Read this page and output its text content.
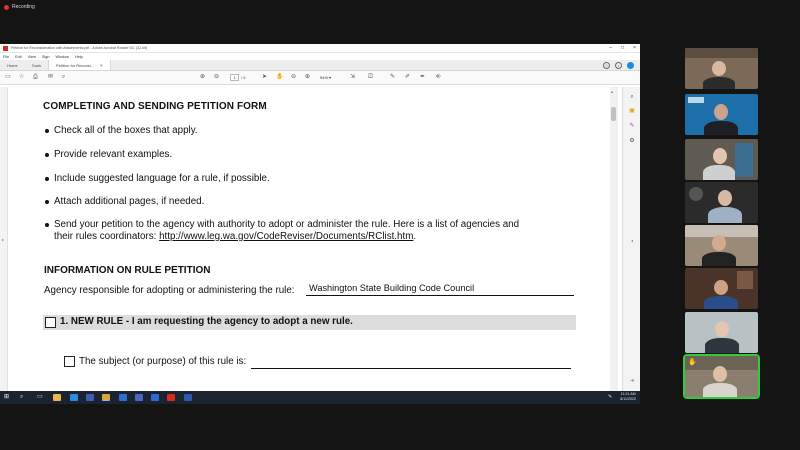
Recording
Petition for Reconsideration with Attachments.pdf - Adobe Acrobat Reader DC (32-bit)	– □ ×
File Edit View Sign Window Help
Home	Tools	Petition for Reconsi... ×	?	•
▭ ☆ ⎙ ✉ ⌕	⊕ ⊖	1	/ 5	➤ ✋ ⊖ ⊕ 54% ▾	⇲ ⎚	✎ ✐ ✒ ⎆
▸
COMPLETING AND SENDING PETITION FORM
Check all of the boxes that apply.
Provide relevant examples.
Include suggested language for a rule, if possible.
Attach additional pages, if needed.
Send your petition to the agency with authority to adopt or administer the rule. Here is a list of agencies and
their rules coordinators: http://www.leg.wa.gov/CodeReviser/Documents/RClist.htm.
INFORMATION ON RULE PETITION
Agency responsible for adopting or administering the rule:	Washington State Building Code Council
1. NEW RULE - I am requesting the agency to adopt a new rule.
The subject (or purpose) of this rule is:
▴
⌕
▣
✎
⚙
◂
⇥
⊞ ⌕ ▭	✎ 11:21 AM
8/11/2022
✋
